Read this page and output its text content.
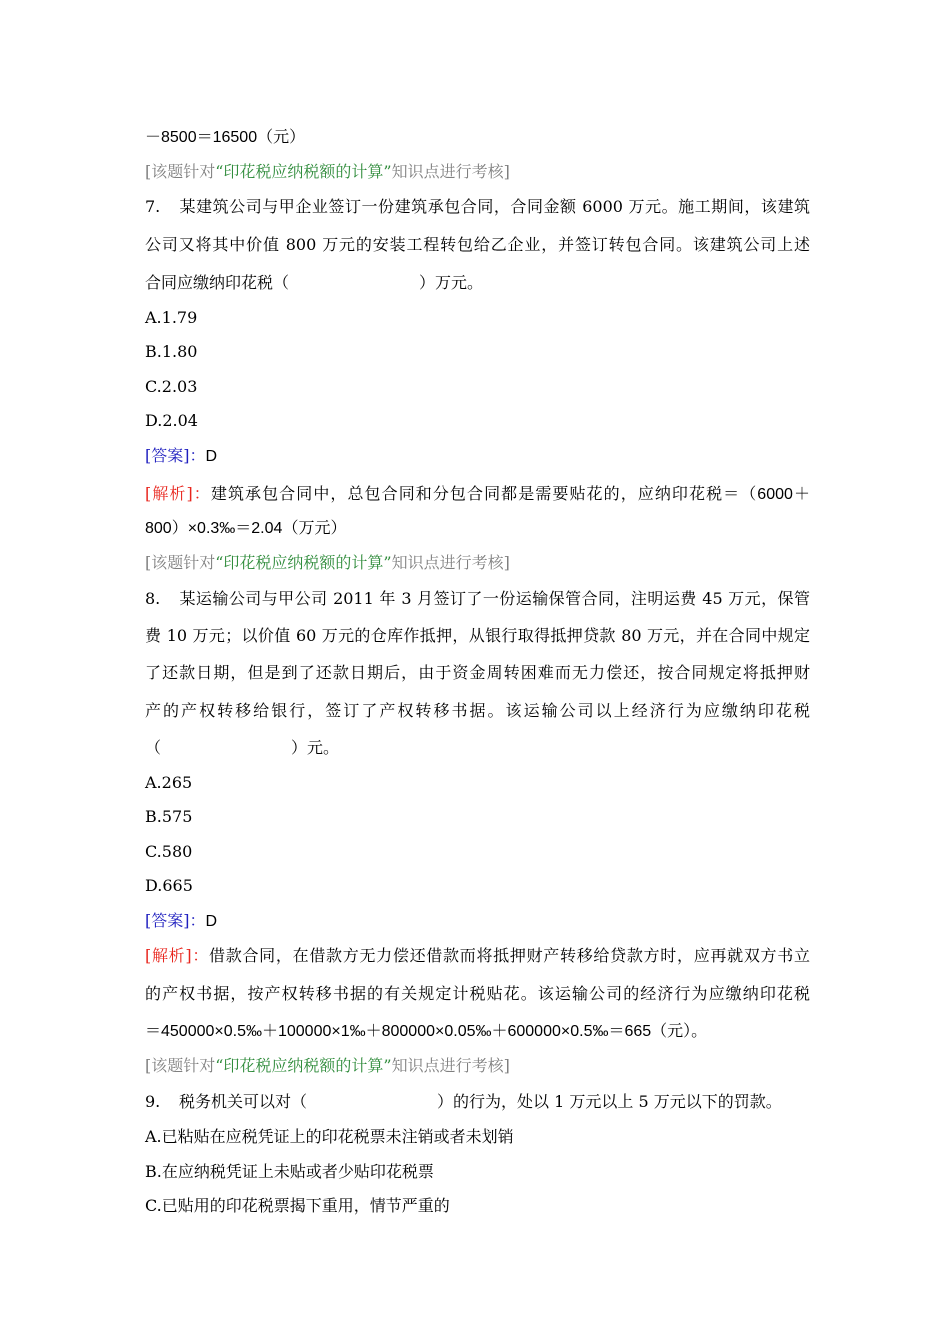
－8500＝16500（元）
[该题针对“印花税应纳税额的计算”知识点进行考核]
7. 某建筑公司与甲企业签订一份建筑承包合同，合同金额 6000 万元。施工期间，该建筑
公司又将其中价值 800 万元的安装工程转包给乙企业，并签订转包合同。该建筑公司上述
合同应缴纳印花税（	）万元。
A.1.79
B.1.80
C.2.03
D.2.04
[答案]：D
[解析]：建筑承包合同中，总包合同和分包合同都是需要贴花的，应纳印花税＝（6000＋
800）×0.3‰＝2.04（万元）
[该题针对“印花税应纳税额的计算”知识点进行考核]
8. 某运输公司与甲公司 2011 年 3 月签订了一份运输保管合同，注明运费 45 万元，保管
费 10 万元；以价值 60 万元的仓库作抵押，从银行取得抵押贷款 80 万元，并在合同中规定
了还款日期，但是到了还款日期后，由于资金周转困难而无力偿还，按合同规定将抵押财
产的产权转移给银行，签订了产权转移书据。该运输公司以上经济行为应缴纳印花税
（	）元。
A.265
B.575
C.580
D.665
[答案]：D
[解析]：借款合同，在借款方无力偿还借款而将抵押财产转移给贷款方时，应再就双方书立
的产权书据，按产权转移书据的有关规定计税贴花。该运输公司的经济行为应缴纳印花税
＝450000×0.5‰＋100000×1‰＋800000×0.05‰＋600000×0.5‰＝665（元）。
[该题针对“印花税应纳税额的计算”知识点进行考核]
9. 税务机关可以对（	）的行为，处以 1 万元以上 5 万元以下的罚款。
A.已粘贴在应税凭证上的印花税票未注销或者未划销
B.在应纳税凭证上未贴或者少贴印花税票
C.已贴用的印花税票揭下重用，情节严重的
